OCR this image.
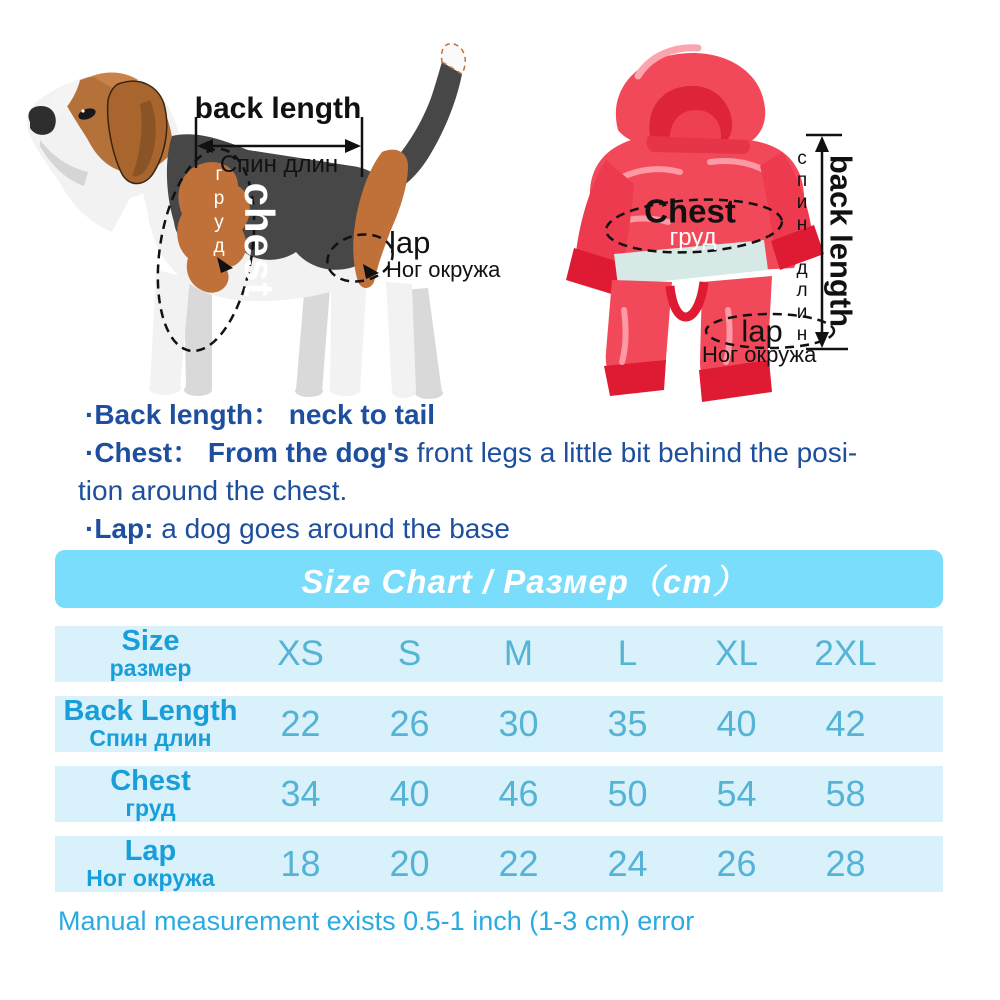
back length
Спин длин
chest
груд	lap
Ног окружа
Chest
груд
lap
Ног окружа
back length
спин длин
·Back length： neck to tail
·Chest： From the dog's front legs a little bit behind the posi-
tion around the chest.
·Lap: a dog goes around the base
Size Chart / Размер（cm）
Size
размер	XS	S	M	L	XL	2XL
Back Length
Спин длин	22	26	30	35	40	42
Chest
груд	34	40	46	50	54	58
Lap
Ног окружа	18	20	22	24	26	28
Manual measurement exists 0.5-1 inch (1-3 cm) error
